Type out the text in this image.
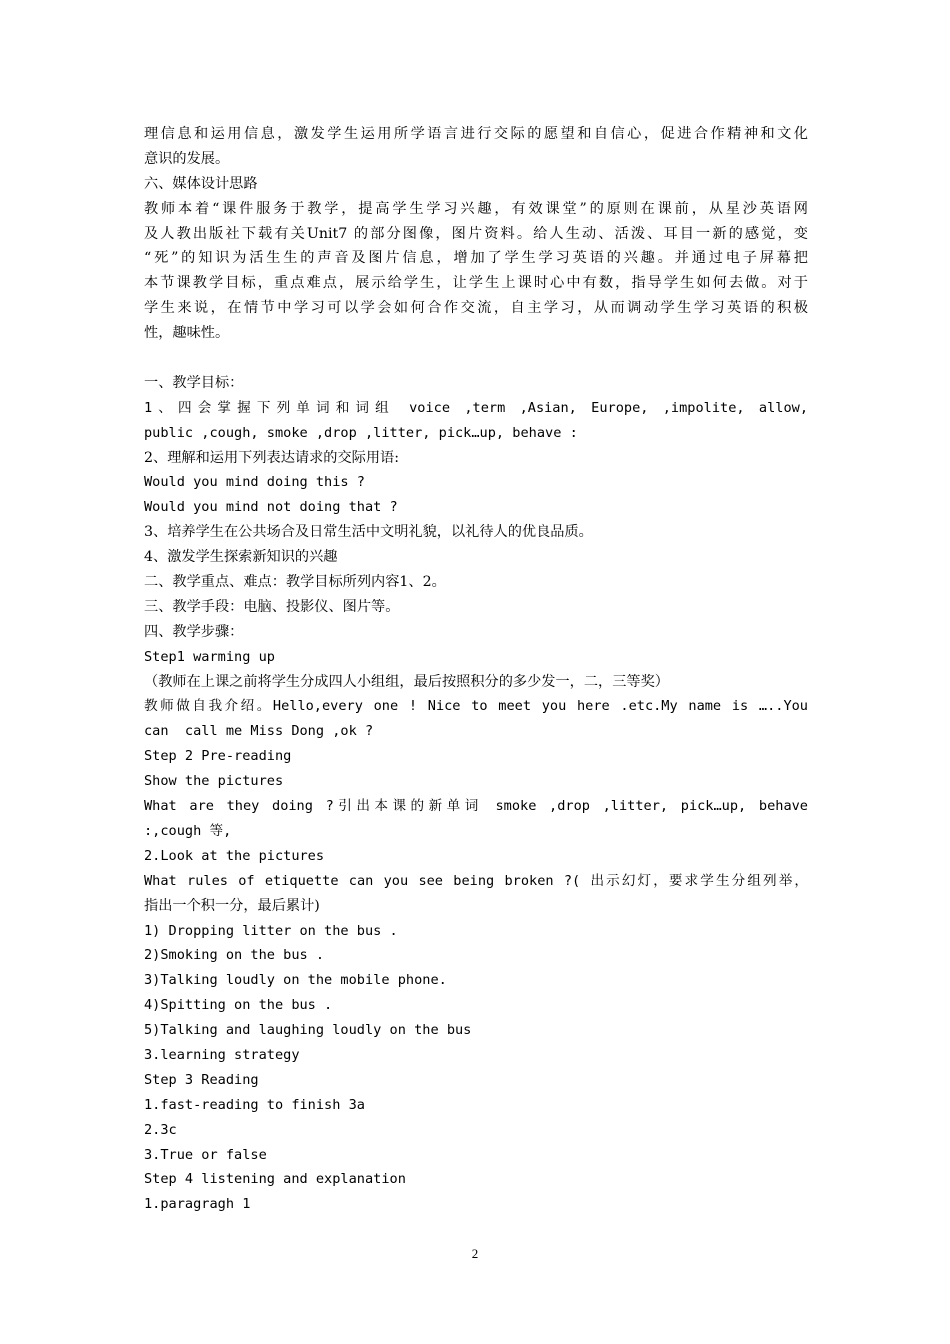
理信息和运用信息，激发学生运用所学语言进行交际的愿望和自信心，促进合作精神和文化
意识的发展。
六、媒体设计思路
教师本着“课件服务于教学，提高学生学习兴趣，有效课堂”的原则在课前，从星沙英语网
及人教出版社下载有关Unit7 的部分图像，图片资料。给人生动、活泼、耳目一新的感觉，变
“死”的知识为活生生的声音及图片信息，增加了学生学习英语的兴趣。并通过电子屏幕把
本节课教学目标，重点难点，展示给学生，让学生上课时心中有数，指导学生如何去做。对于
学生来说，在情节中学习可以学会如何合作交流，自主学习，从而调动学生学习英语的积极
性，趣味性。
一、教学目标：
1、四会掌握下列单词和词组 voice ,term ,Asian, Europe, ,impolite, allow,
public ,cough, smoke ,drop ,litter, pick…up, behave :
2、理解和运用下列表达请求的交际用语:
Would you mind doing this ?
Would you mind not doing that ?
3、培养学生在公共场合及日常生活中文明礼貌，以礼待人的优良品质。
4、激发学生探索新知识的兴趣
二、教学重点、难点：教学目标所列内容1、2。
三、教学手段：电脑、投影仪、图片等。
四、教学步骤：
Step1 warming up
（教师在上课之前将学生分成四人小组组，最后按照积分的多少发一，二，三等奖）
教师做自我介绍。Hello,every one ! Nice to meet you here .etc.My name is …..You
can  call me Miss Dong ,ok ?
Step 2 Pre-reading
Show the pictures
What are they doing ?引出本课的新单词 smoke ,drop ,litter, pick…up, behave
:,cough 等,
2.Look at the pictures
What rules of etiquette can you see being broken ?( 出示幻灯，要求学生分组列举，
指出一个积一分，最后累计)
1) Dropping litter on the bus .
2)Smoking on the bus .
3)Talking loudly on the mobile phone.
4)Spitting on the bus .
5)Talking and laughing loudly on the bus
3.learning strategy
Step 3 Reading
1.fast-reading to finish 3a
2.3c
3.True or false
Step 4 listening and explanation
1.paragragh 1
2
